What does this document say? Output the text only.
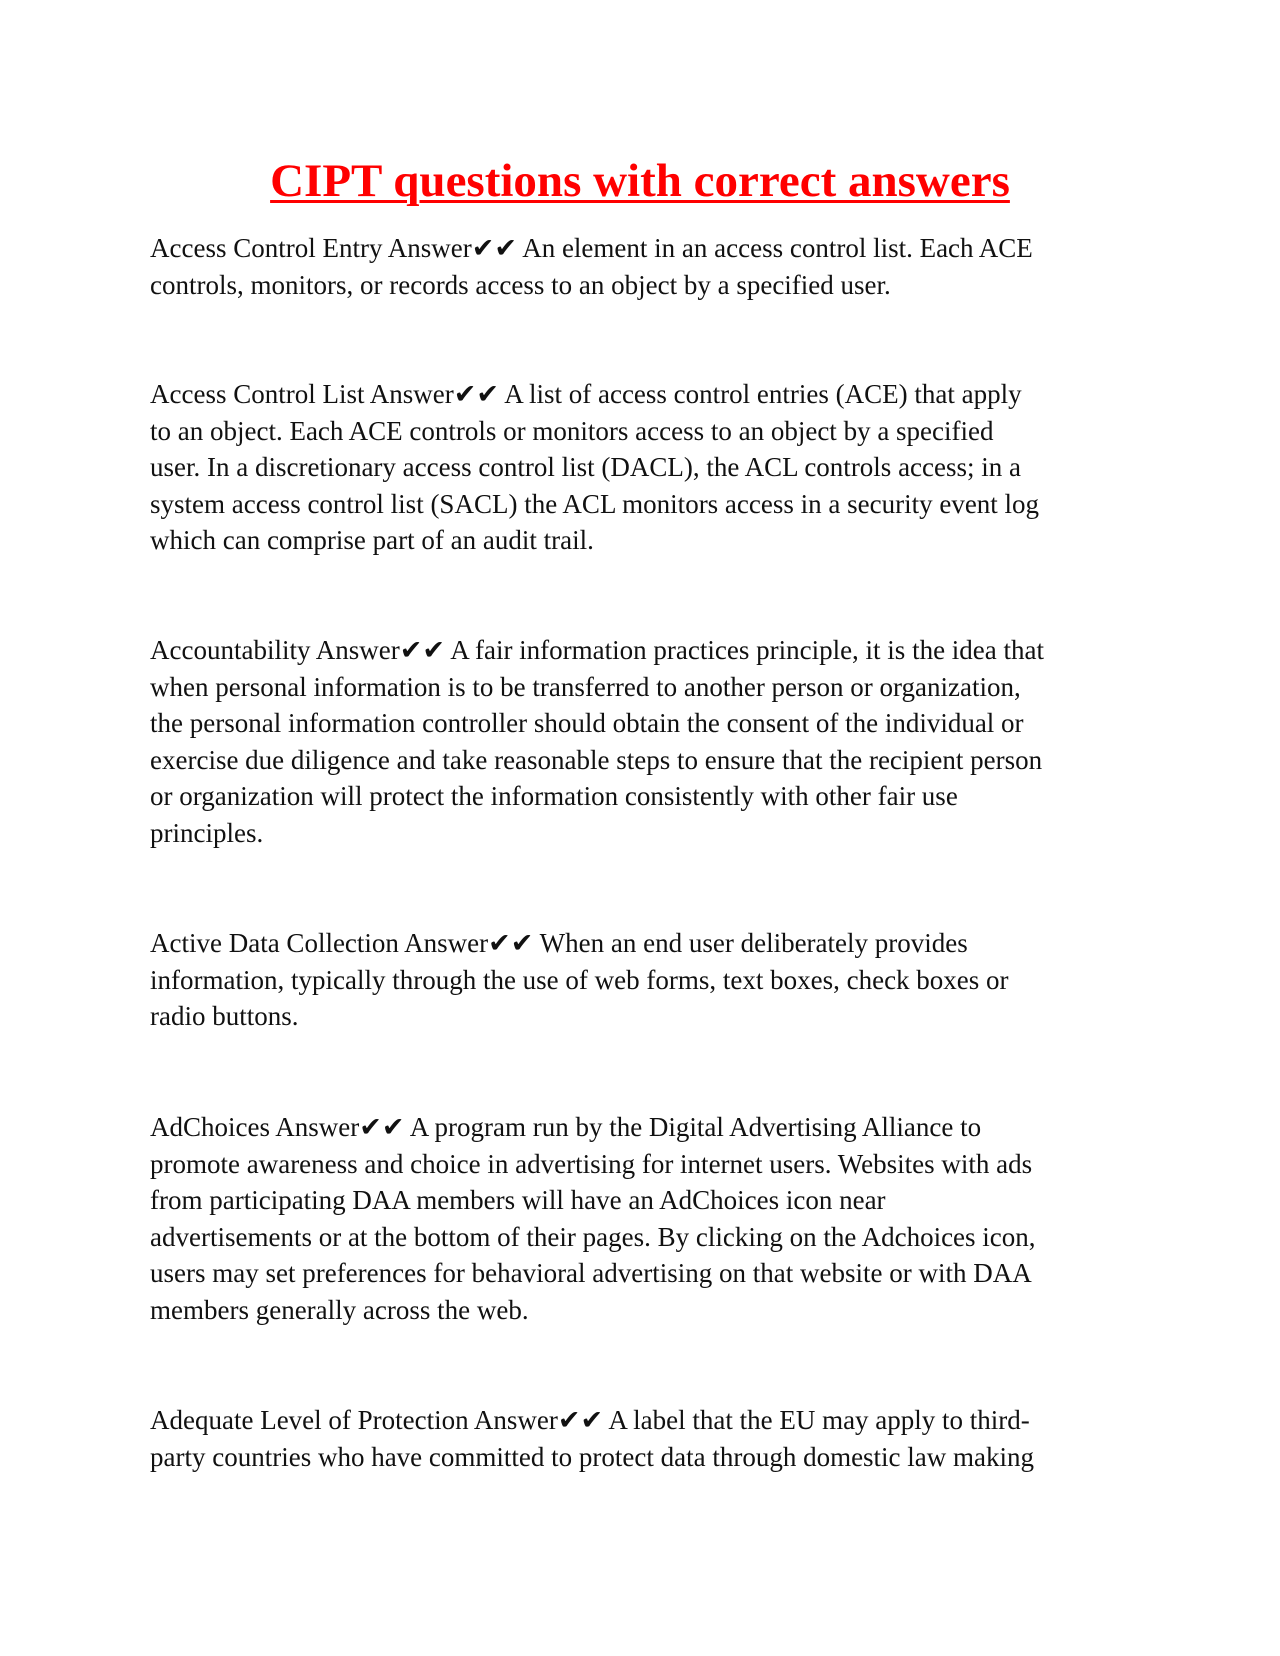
CIPT questions with correct answers

Access Control Entry Answer✔✔ An element in an access control list. Each ACE
controls, monitors, or records access to an object by a specified user.

Access Control List Answer✔✔ A list of access control entries (ACE) that apply
to an object. Each ACE controls or monitors access to an object by a specified
user. In a discretionary access control list (DACL), the ACL controls access; in a
system access control list (SACL) the ACL monitors access in a security event log
which can comprise part of an audit trail.

Accountability Answer✔✔ A fair information practices principle, it is the idea that
when personal information is to be transferred to another person or organization,
the personal information controller should obtain the consent of the individual or
exercise due diligence and take reasonable steps to ensure that the recipient person
or organization will protect the information consistently with other fair use
principles.

Active Data Collection Answer✔✔ When an end user deliberately provides
information, typically through the use of web forms, text boxes, check boxes or
radio buttons.

AdChoices Answer✔✔ A program run by the Digital Advertising Alliance to
promote awareness and choice in advertising for internet users. Websites with ads
from participating DAA members will have an AdChoices icon near
advertisements or at the bottom of their pages. By clicking on the Adchoices icon,
users may set preferences for behavioral advertising on that website or with DAA
members generally across the web.

Adequate Level of Protection Answer✔✔ A label that the EU may apply to third-
party countries who have committed to protect data through domestic law making
